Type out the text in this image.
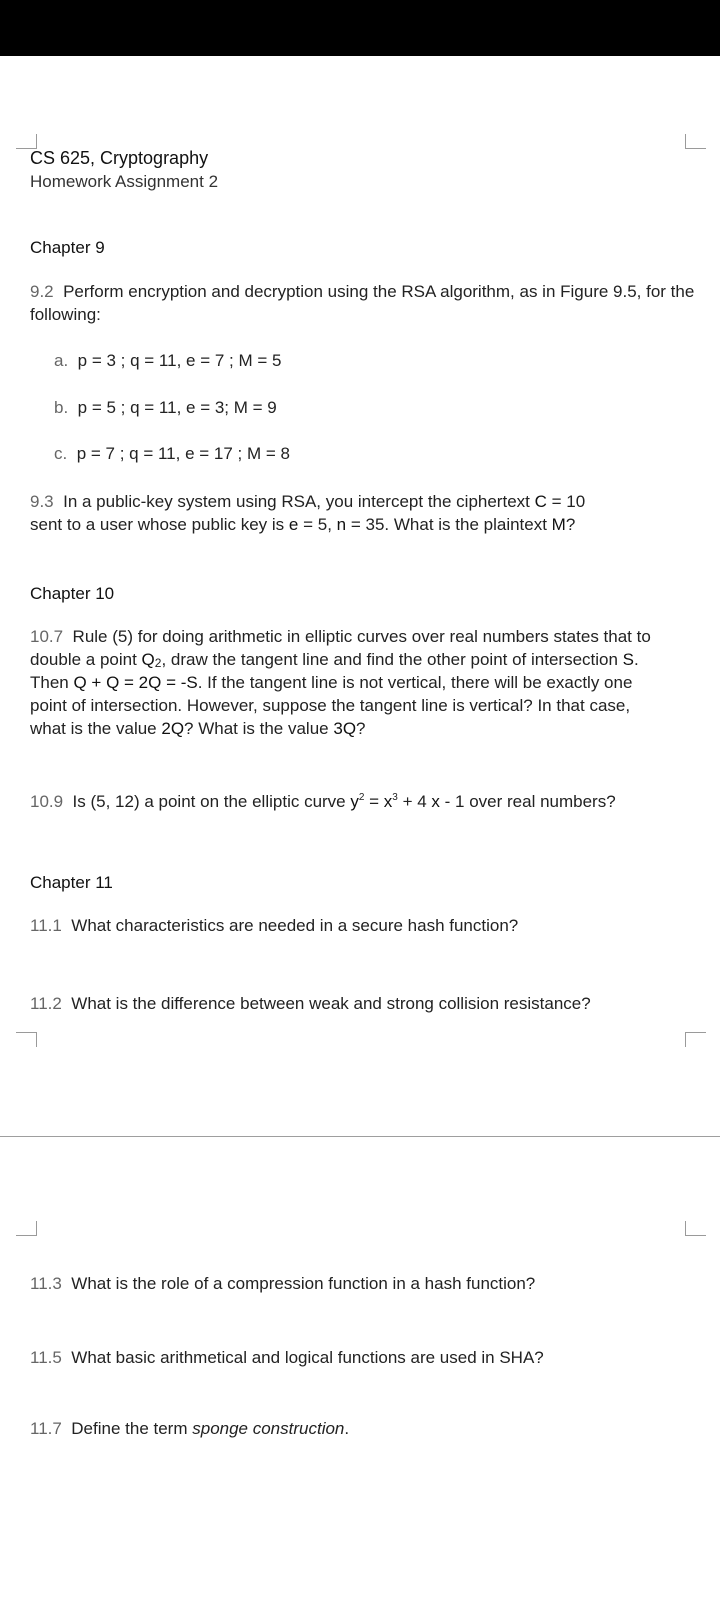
CS 625, Cryptography

Homework Assignment 2

Chapter 9

9.2 Perform encryption and decryption using the RSA algorithm, as in Figure 9.5, for the following:

a. p = 3 ; q = 11, e = 7 ; M = 5

b. p = 5 ; q = 11, e = 3; M = 9

c. p = 7 ; q = 11, e = 17 ; M = 8

9.3 In a public-key system using RSA, you intercept the ciphertext C = 10
sent to a user whose public key is e = 5, n = 35. What is the plaintext M?

Chapter 10

10.7 Rule (5) for doing arithmetic in elliptic curves over real numbers states that to double a point $Q_2$, draw the tangent line and find the other point of intersection S. Then Q + Q = 2Q = -S. If the tangent line is not vertical, there will be exactly one point of intersection. However, suppose the tangent line is vertical? In that case, what is the value 2Q? What is the value 3Q?

10.9 Is (5, 12) a point on the elliptic curve $y^2 = x^3 + 4$ x - 1 over real numbers?

Chapter 11

11.1 What characteristics are needed in a secure hash function?

11.2 What is the difference between weak and strong collision resistance?

11.3 What is the role of a compression function in a hash function?

11.5 What basic arithmetical and logical functions are used in SHA?

11.7 Define the term sponge construction.
